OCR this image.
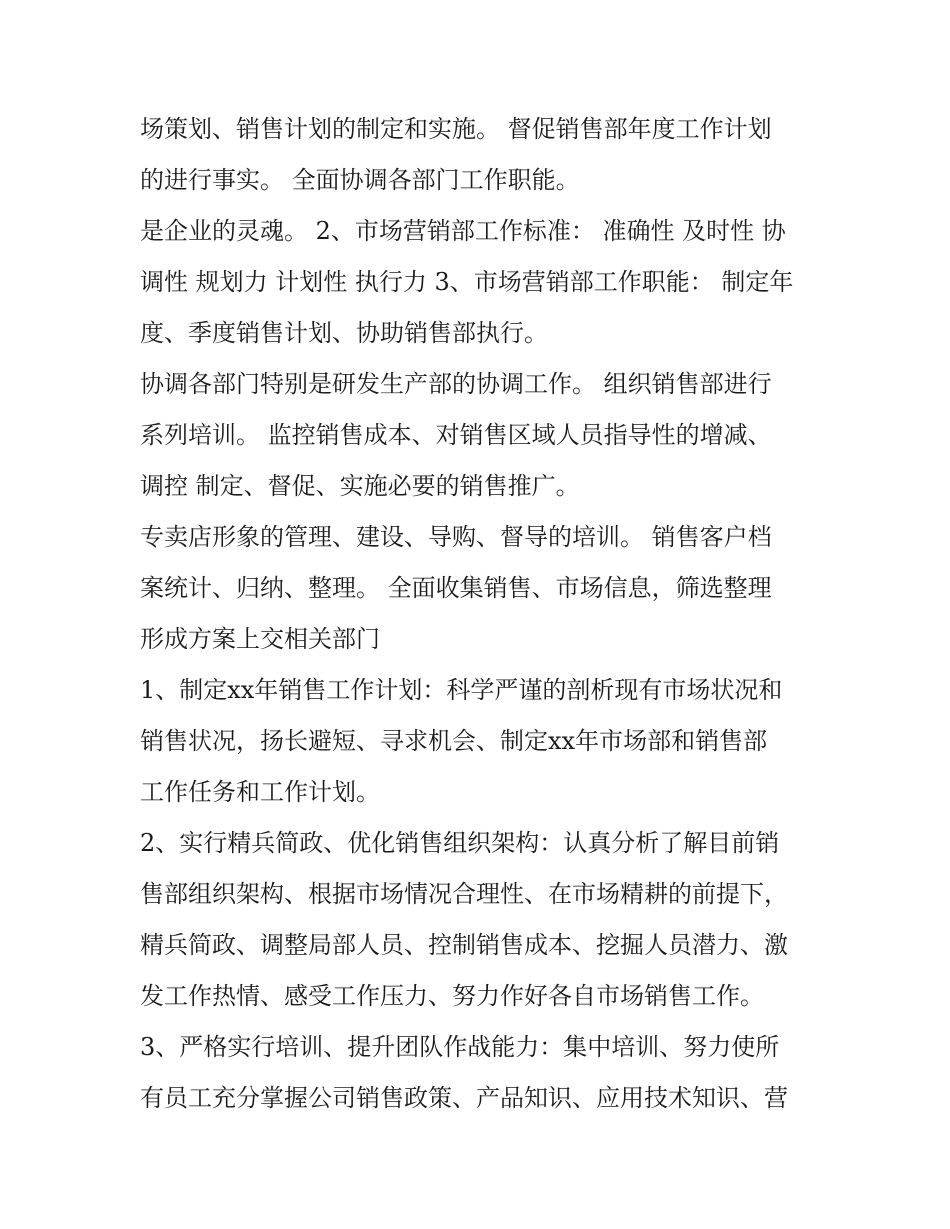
场策划、销售计划的制定和实施。 督促销售部年度工作计划
的进行事实。 全面协调各部门工作职能。
是企业的灵魂。 2、市场营销部工作标准： 准确性 及时性 协
调性 规划力 计划性 执行力 3、市场营销部工作职能： 制定年
度、季度销售计划、协助销售部执行。
协调各部门特别是研发生产部的协调工作。 组织销售部进行
系列培训。 监控销售成本、对销售区域人员指导性的增减、
调控 制定、督促、实施必要的销售推广。
专卖店形象的管理、建设、导购、督导的培训。 销售客户档
案统计、归纳、整理。 全面收集销售、市场信息，筛选整理
形成方案上交相关部门
1、制定xx年销售工作计划：科学严谨的剖析现有市场状况和
销售状况，扬长避短、寻求机会、制定xx年市场部和销售部
工作任务和工作计划。
2、实行精兵简政、优化销售组织架构：认真分析了解目前销
售部组织架构、根据市场情况合理性、在市场精耕的前提下，
精兵简政、调整局部人员、控制销售成本、挖掘人员潜力、激
发工作热情、感受工作压力、努力作好各自市场销售工作。
3、严格实行培训、提升团队作战能力：集中培训、努力使所
有员工充分掌握公司销售政策、产品知识、应用技术知识、营
